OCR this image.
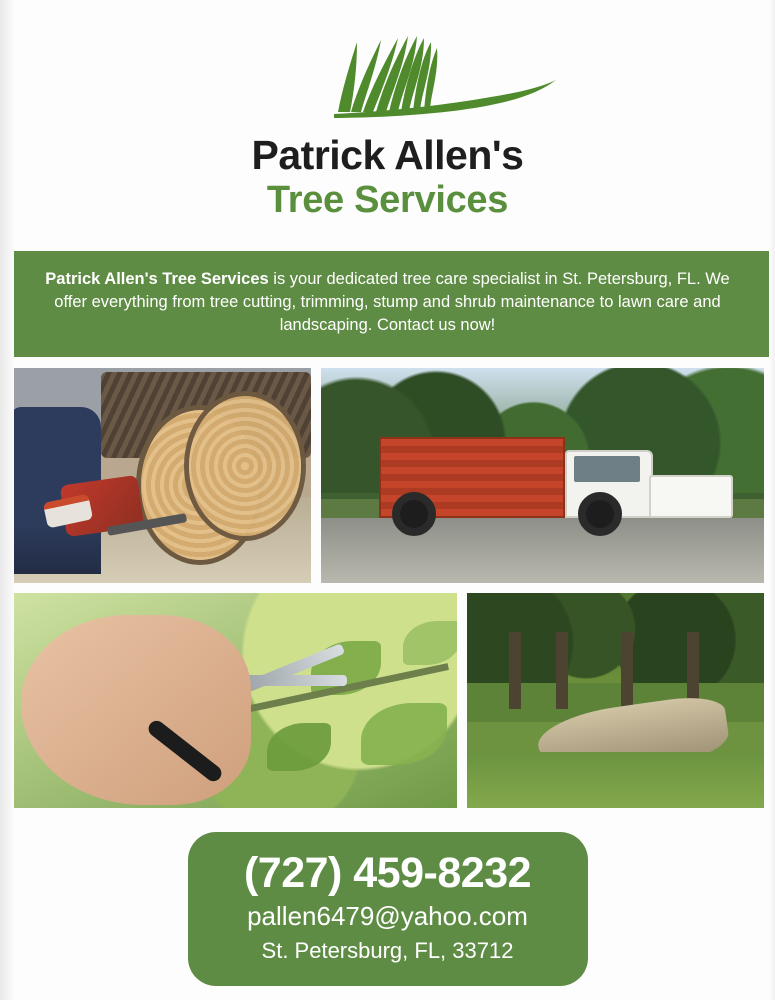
Patrick Allen's
Tree Services
Patrick Allen's Tree Services is your dedicated tree care specialist in St. Petersburg, FL. We offer everything from tree cutting, trimming, stump and shrub maintenance to lawn care and landscaping. Contact us now!
(727) 459-8232
pallen6479@yahoo.com
St. Petersburg, FL, 33712
